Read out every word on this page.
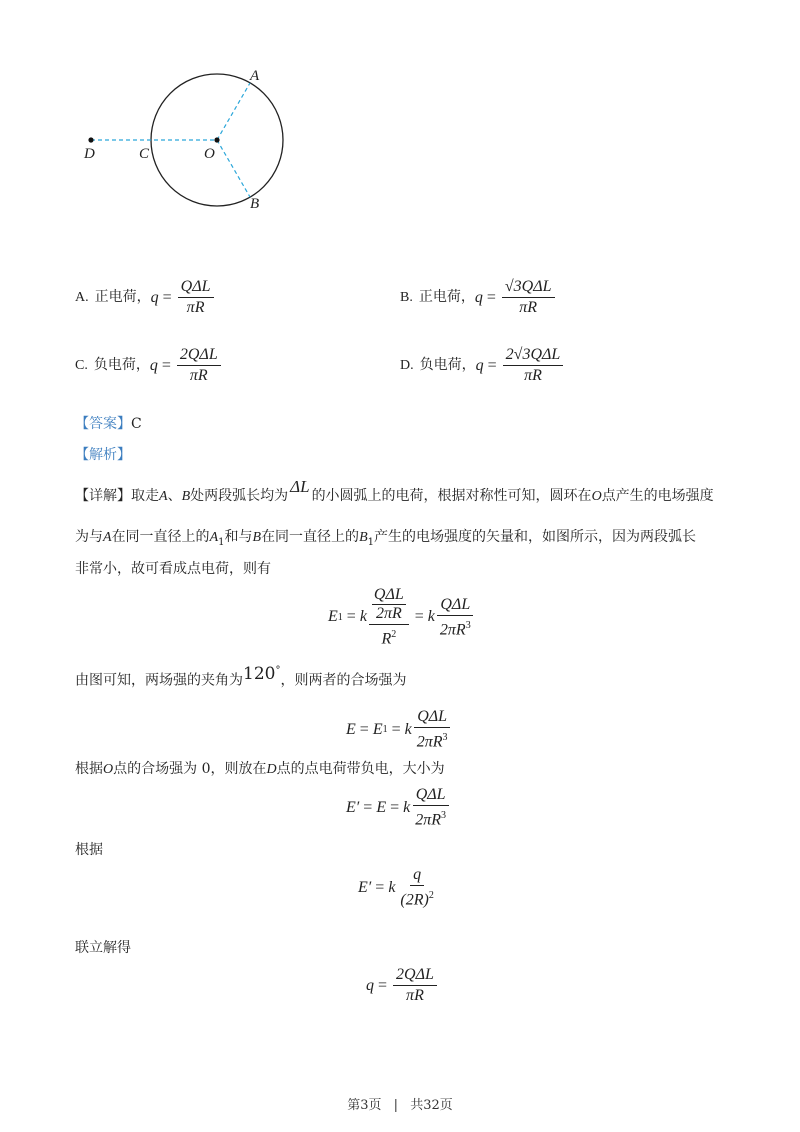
A
B
C
D	O
A. 正电荷， $q = \frac{\text{QΔL}}{\pi R}$	B. 正电荷， $q = \frac{\text{√3QΔL}}{\pi R}$
C. 负电荷， $q = \frac{\text{2QΔL}}{\pi R}$	D. 负电荷， $q = \frac{\text{2√3QΔL}}{\pi R}$
【答案】C
【解析】
【详解】取走A、B处两段弧长均为 ΔL 的小圆弧上的电荷，根据对称性可知，圆环在O点产生的电场强度
为与A在同一直径上的$A_1$和与B在同一直径上的$B_1$产生的电场强度的矢量和，如图所示，因为两段弧长
非常小，故可看成点电荷，则有
E 1 = k QΔL
2πR
$R^2 = k \frac{\text{QΔL}}{2\pi R^3}$
由图可知，两场强的夹角为120°，则两者的合场强为
E = E 1 = k $\frac{\text{QΔL}}{2\pi R^3}$
根据O点的合场强为 0，则放在D点的点电荷带负电，大小为
E′ = E = k $\frac{\text{QΔL}}{2\pi R^3}$
根据
E′ = k $\frac{q}{(2R)^2}$
联立解得
$q = \frac{\text{2QΔL}}{\pi R}$
第3页 | 共32页
